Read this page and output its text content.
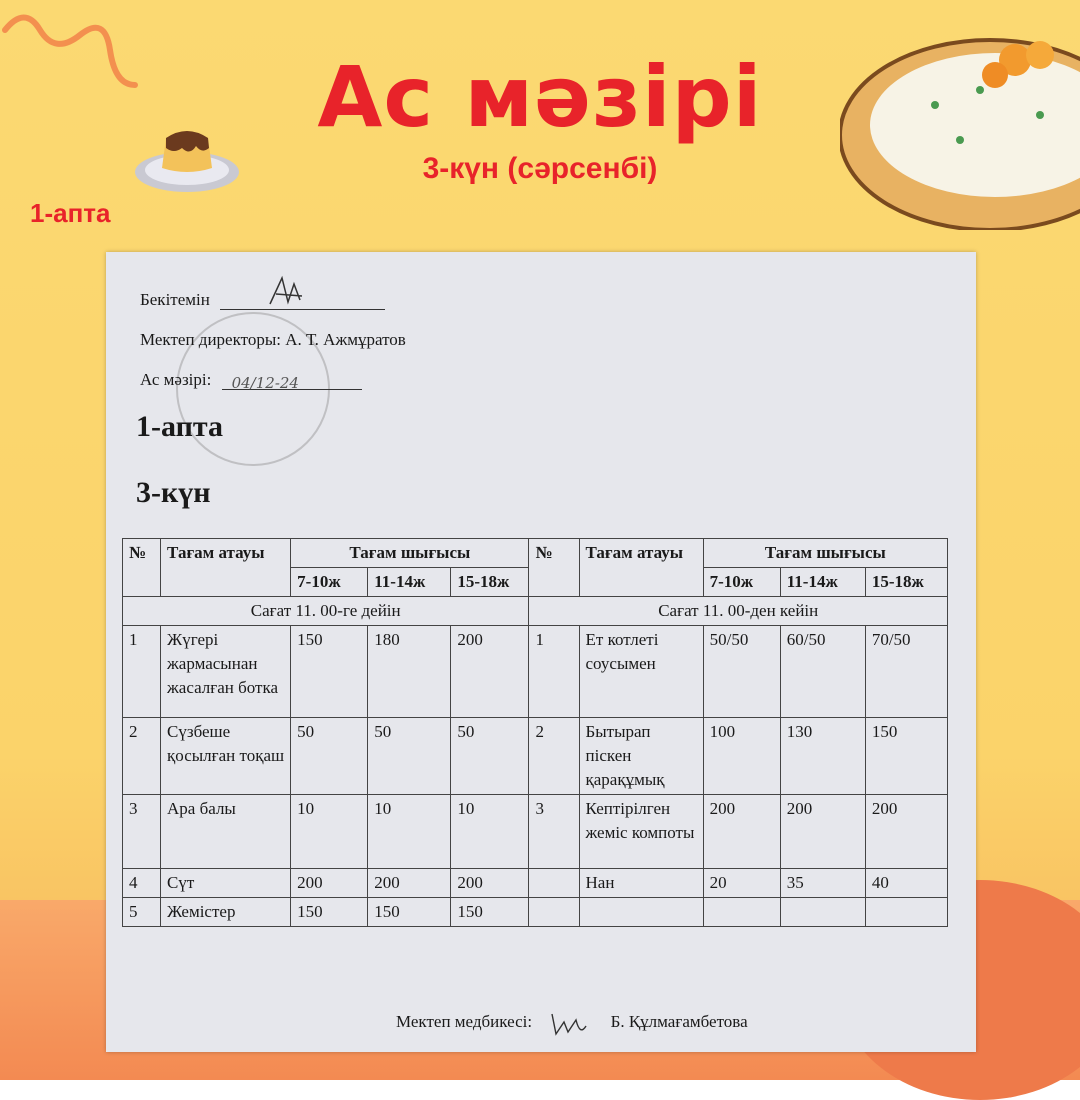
Ас мәзірі
3-күн (сәрсенбі)
1-апта
Бекітемін
Мектеп директоры: А. Т. Ажмұратов
Ас мәзірі: 04/12-24
1-апта
3-күн
№	Тағам атауы	Тағам шығысы			№	Тағам атауы	Тағам шығысы		
		7-10ж	11-14ж	15-18ж			7-10ж	11-14ж	15-18ж
Сағат 11. 00-ге дейін					Сағат 11. 00-ден кейін				
1	Жүгері жармасынан жасалған ботка	150	180	200	1	Ет котлеті соусымен	50/50	60/50	70/50
2	Сүзбеше қосылған тоқаш	50	50	50	2	Бытырап піскен қарақұмық	100	130	150
3	Ара балы	10	10	10	3	Кептірілген жеміс компоты	200	200	200
4	Сүт	200	200	200		Нан	20	35	40
5	Жемістер	150	150	150					
Мектеп медбикесі:	Б. Құлмағамбетова
